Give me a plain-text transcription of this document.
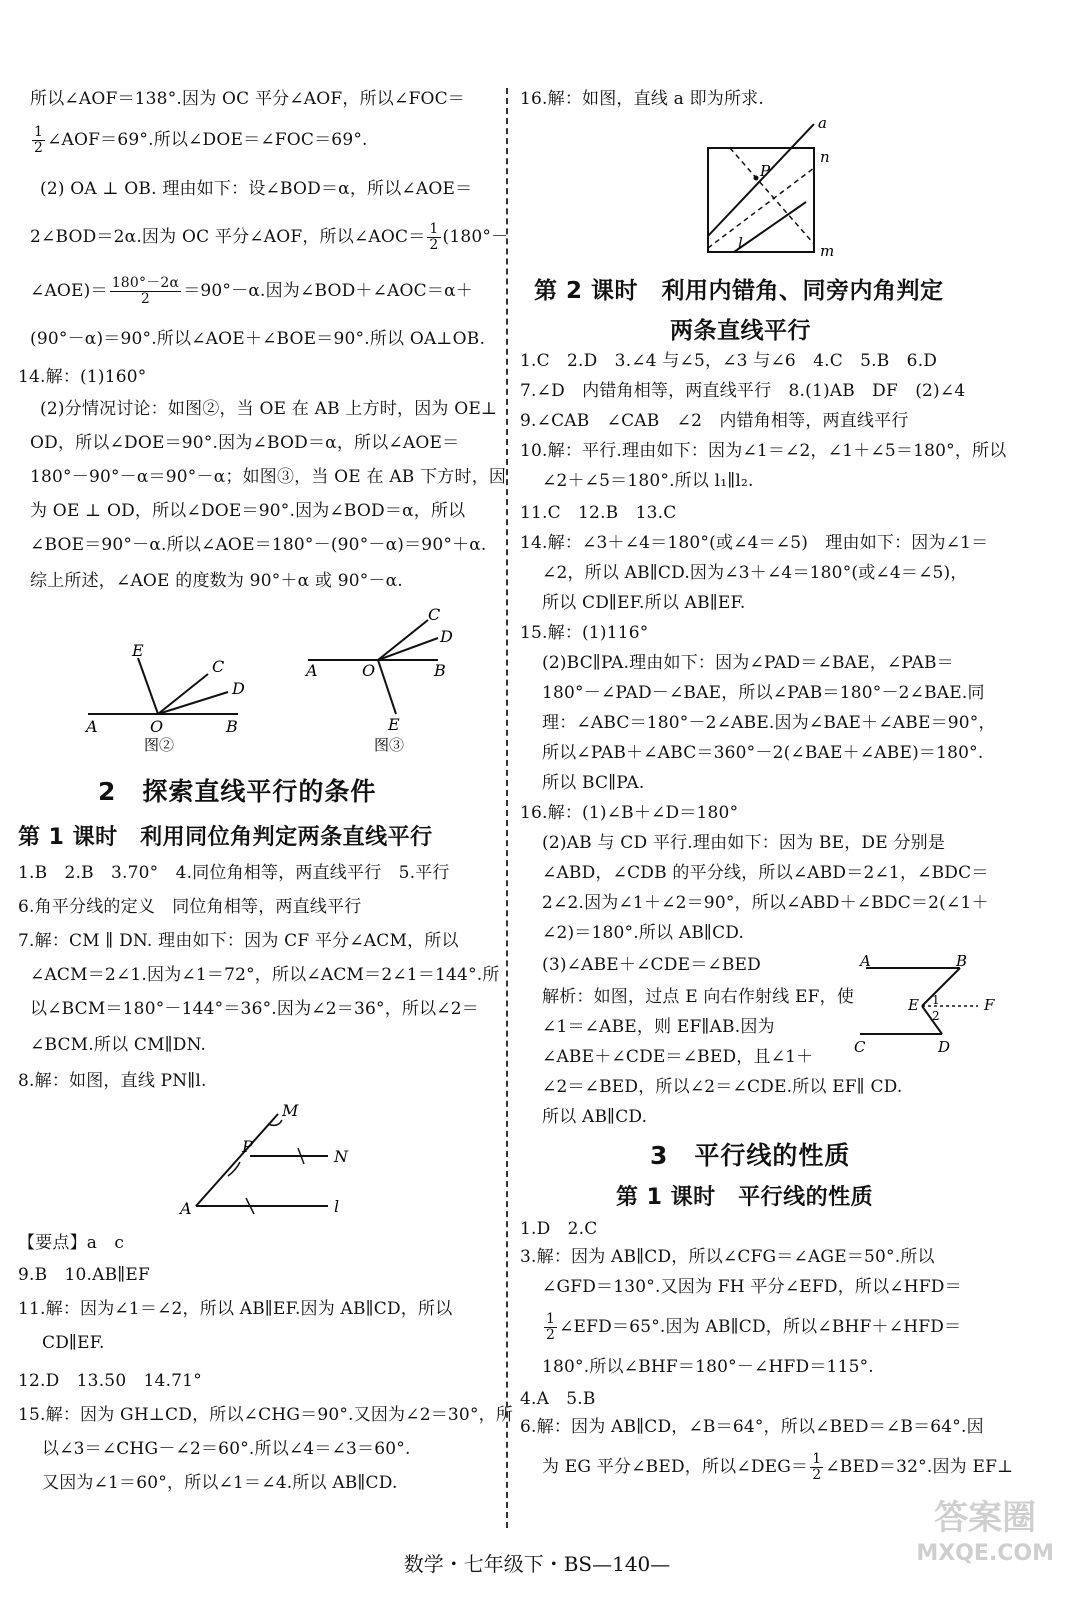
所以∠AOF＝138°.因为 OC 平分∠AOF，所以∠FOC＝
$\frac{1}{2}$ ∠AOF＝69°.所以∠DOE＝∠FOC＝69°.
(2) OA ⊥ OB. 理由如下：设∠BOD＝α，所以∠AOE＝
2∠BOD＝2α.因为 OC 平分∠AOF，所以∠AOC＝ $\frac{1}{2} (180^\circ-$
∠AOE)＝ $\frac{180^\circ-2\alpha}{2} =90^\circ-\alpha$.因为∠BOD＋∠AOC＝α＋
(90°－α)＝90°.所以∠AOE＋∠BOE＝90°.所以 OA⊥OB.
14.解：(1)160°
(2)分情况讨论：如图②，当 OE 在 AB 上方时，因为 OE⊥
OD，所以∠DOE＝90°.因为∠BOD＝α，所以∠AOE＝
180°－90°－α＝90°－α；如图③，当 OE 在 AB 下方时，因
为 OE ⊥ OD，所以∠DOE＝90°.因为∠BOD＝α，所以
∠BOE＝90°－α.所以∠AOE＝180°－(90°－α)＝90°＋α.
综上所述，∠AOE 的度数为 90°＋α 或 90°－α.
E
C
D
A	O	B
图②
C
D
A	O	B
E
图③
2　探索直线平行的条件
第 1 课时　利用同位角判定两条直线平行
1.B　2.B　3.70°　4.同位角相等，两直线平行　5.平行
6.角平分线的定义　同位角相等，两直线平行
7.解：CM ∥ DN. 理由如下：因为 CF 平分∠ACM，所以
∠ACM＝2∠1.因为∠1＝72°，所以∠ACM＝2∠1＝144°.所
以∠BCM＝180°－144°＝36°.因为∠2＝36°，所以∠2＝
∠BCM.所以 CM∥DN.
8.解：如图，直线 PN∥l.
M
P
N
A	l
【要点】a　c
9.B　10.AB∥EF
11.解：因为∠1＝∠2，所以 AB∥EF.因为 AB∥CD，所以
CD∥EF.
12.D　13.50　14.71°
15.解：因为 GH⊥CD，所以∠CHG＝90°.又因为∠2＝30°，所
以∠3＝∠CHG－∠2＝60°.所以∠4＝∠3＝60°.
又因为∠1＝60°，所以∠1＝∠4.所以 AB∥CD.
16.解：如图，直线 a 即为所求.
a
n
P
l	m
第 2 课时　利用内错角、同旁内角判定
两条直线平行
1.C　2.D　3.∠4 与∠5，∠3 与∠6　4.C　5.B　6.D
7.∠D　内错角相等，两直线平行　8.(1)AB　DF　(2)∠4
9.∠CAB　∠CAB　∠2　内错角相等，两直线平行
10.解：平行.理由如下：因为∠1＝∠2，∠1＋∠5＝180°，所以
∠2＋∠5＝180°.所以 l₁∥l₂.
11.C　12.B　13.C
14.解：∠3＋∠4＝180°(或∠4＝∠5)　理由如下：因为∠1＝
∠2，所以 AB∥CD.因为∠3＋∠4＝180°(或∠4＝∠5)，
所以 CD∥EF.所以 AB∥EF.
15.解：(1)116°
(2)BC∥PA.理由如下：因为∠PAD＝∠BAE，∠PAB＝
180°－∠PAD－∠BAE，所以∠PAB＝180°－2∠BAE.同
理：∠ABC＝180°－2∠ABE.因为∠BAE＋∠ABE＝90°，
所以∠PAB＋∠ABC＝360°－2(∠BAE＋∠ABE)＝180°.
所以 BC∥PA.
16.解：(1)∠B＋∠D＝180°
(2)AB 与 CD 平行.理由如下：因为 BE，DE 分别是
∠ABD，∠CDB 的平分线，所以∠ABD＝2∠1，∠BDC＝
2∠2.因为∠1＋∠2＝90°，所以∠ABD＋∠BDC＝2(∠1＋
∠2)＝180°.所以 AB∥CD.
(3)∠ABE＋∠CDE＝∠BED
解析：如图，过点 E 向右作射线 EF，使
∠1＝∠ABE，则 EF∥AB.因为
∠ABE＋∠CDE＝∠BED，且∠1＋
∠2＝∠BED，所以∠2＝∠CDE.所以 EF∥ CD.
所以 AB∥CD.
A	B
E 1
2
F
C	D
3　平行线的性质
第 1 课时　平行线的性质
1.D　2.C
3.解：因为 AB∥CD，所以∠CFG＝∠AGE＝50°.所以
∠GFD＝130°.又因为 FH 平分∠EFD，所以∠HFD＝
$\frac{1}{2}$ ∠EFD＝65°.因为 AB∥CD，所以∠BHF＋∠HFD＝
180°.所以∠BHF＝180°－∠HFD＝115°.
4.A　5.B
6.解：因为 AB∥CD，∠B＝64°，所以∠BED＝∠B＝64°.因
为 EG 平分∠BED，所以∠DEG＝ $\frac{1}{2}$ ∠BED＝32°.因为 EF⊥
数学・七年级下・BS—140—
答案圈
MXQE.COM
